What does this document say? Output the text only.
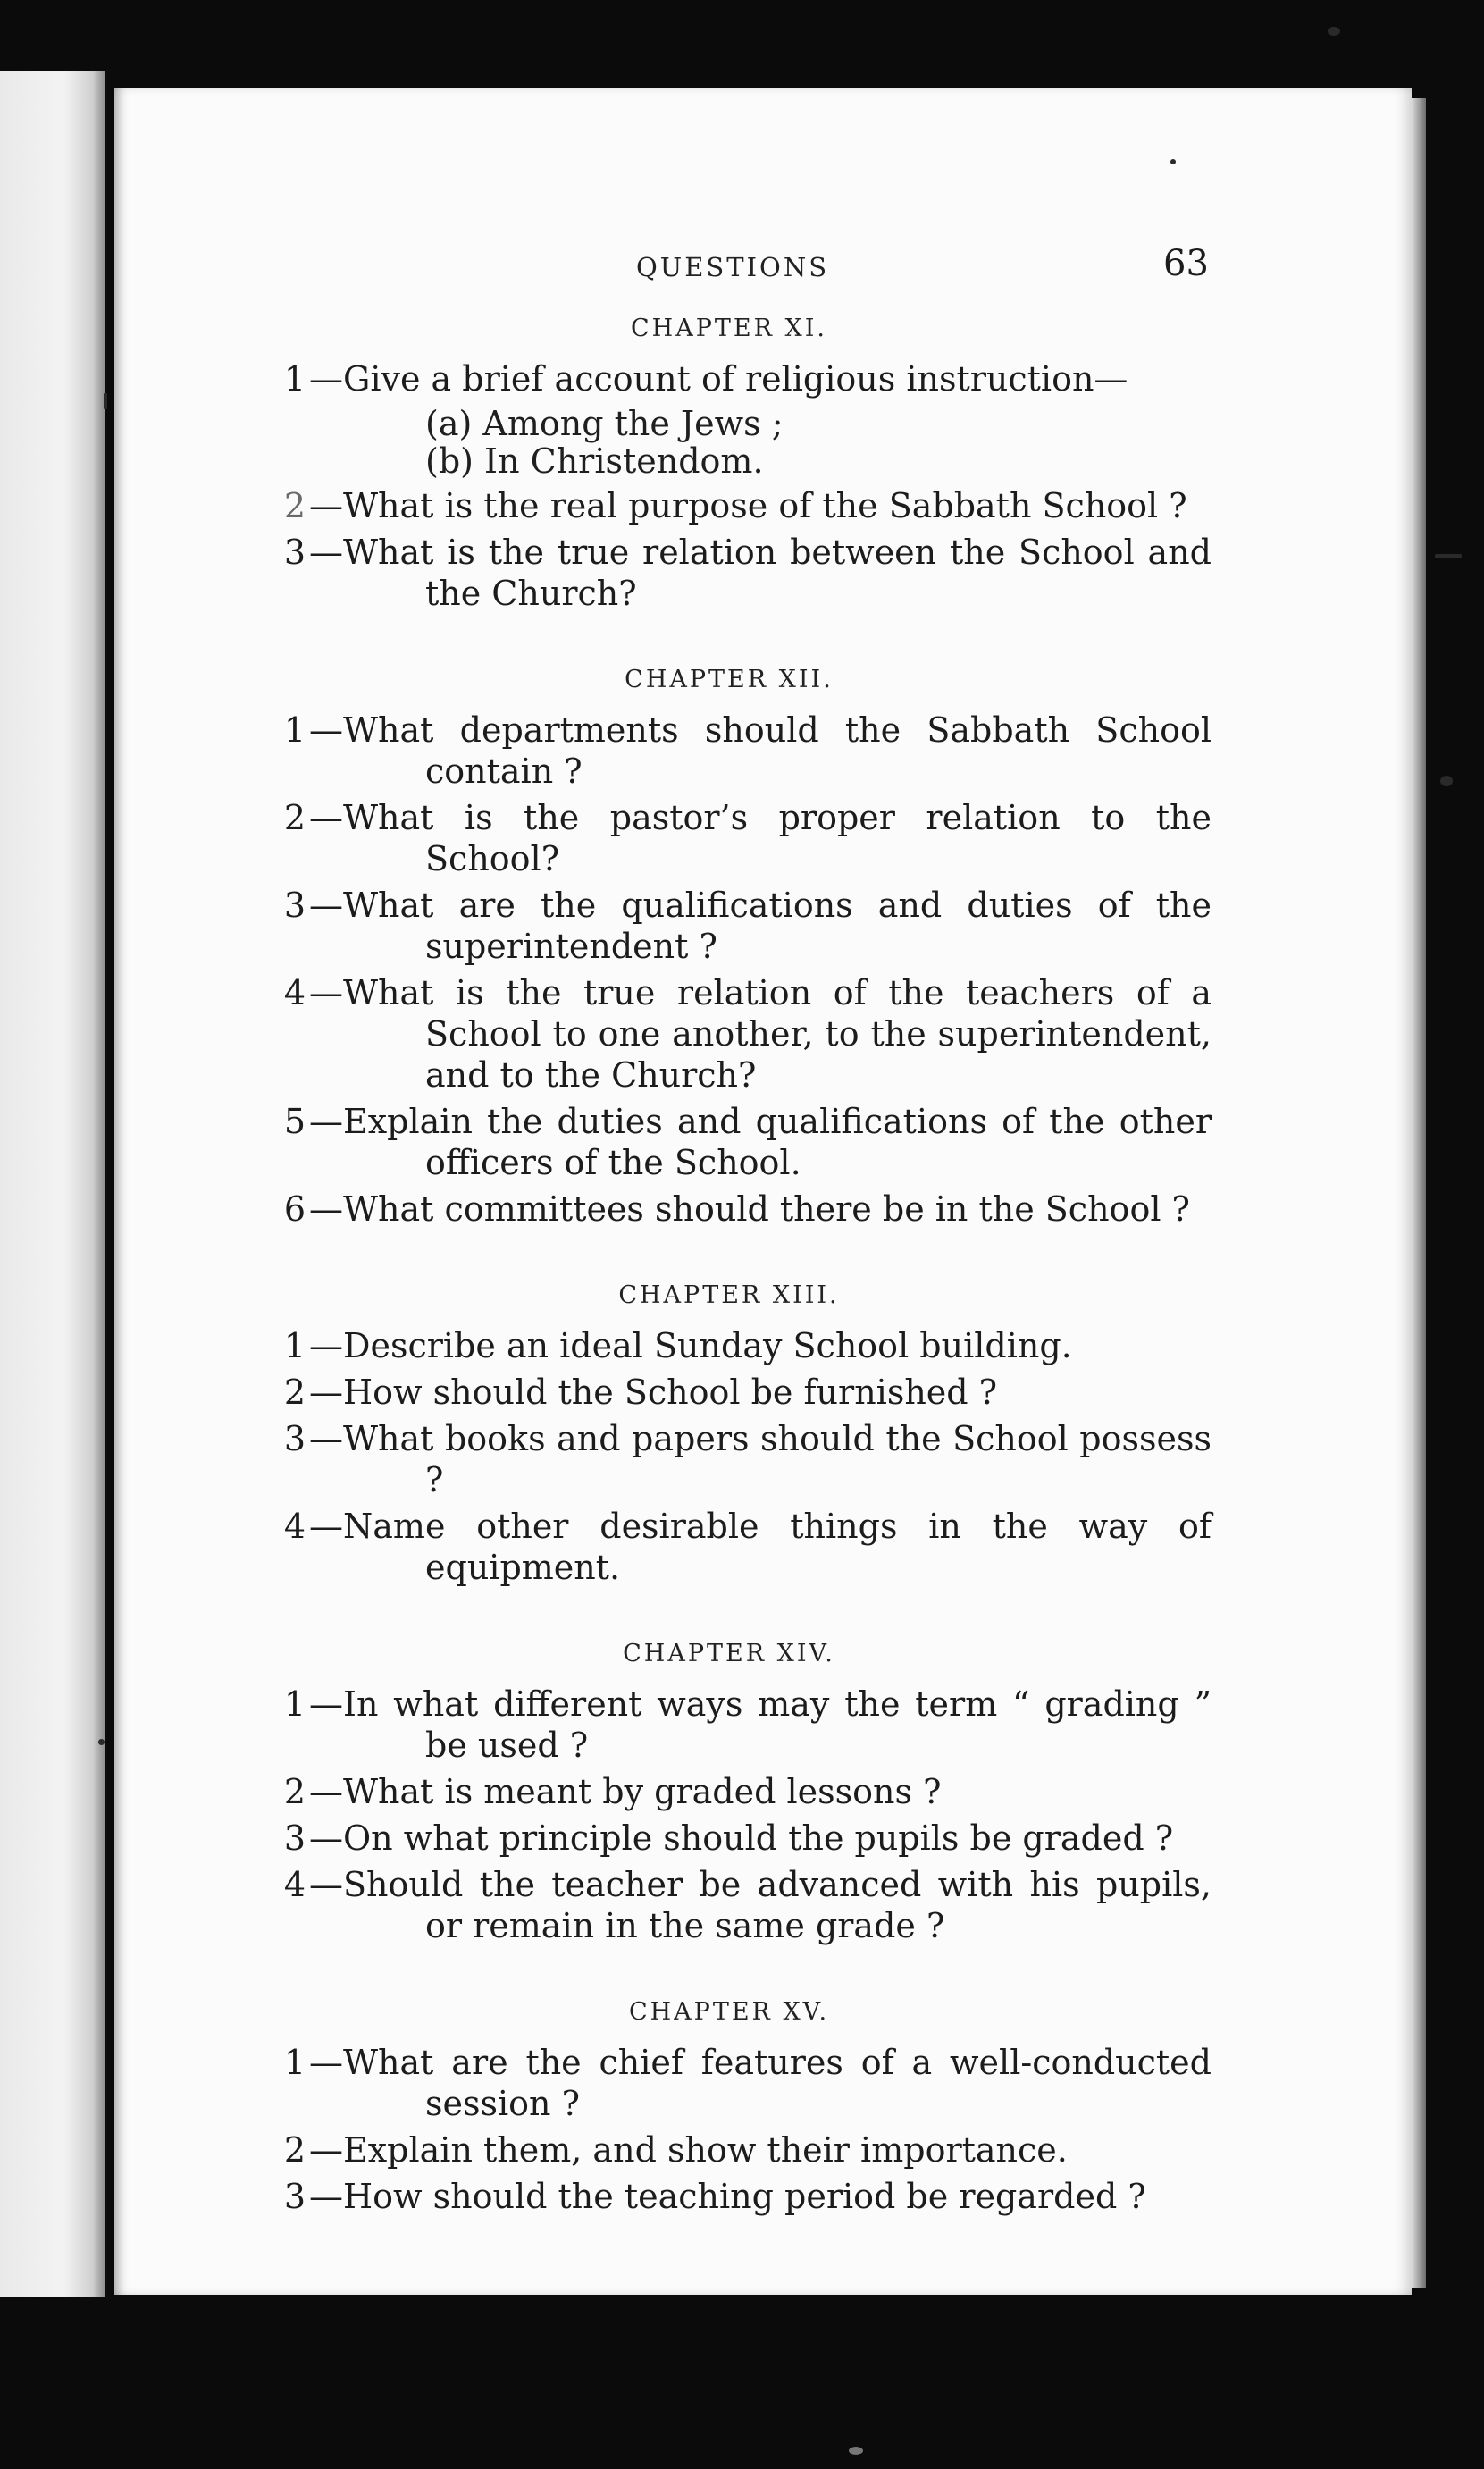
QUESTIONS	63
CHAPTER XI.
1 —Give a brief account of religious instruction—
(a) Among the Jews ;
(b) In Christendom.
2 —What is the real purpose of the Sabbath School ?
3 —What is the true relation between the School and the Church?
CHAPTER XII.
1 —What departments should the Sabbath School contain ?
2 —What is the pastor’s proper relation to the School?
3 —What are the qualifications and duties of the superintendent ?
4 —What is the true relation of the teachers of a School to one another, to the superintendent, and to the Church?
5 —Explain the duties and qualifications of the other officers of the School.
6 —What committees should there be in the School ?
CHAPTER XIII.
1 —Describe an ideal Sunday School building.
2 —How should the School be furnished ?
3 —What books and papers should the School possess ?
4 —Name other desirable things in the way of equipment.
CHAPTER XIV.
1 —In what different ways may the term “ grading ” be used ?
2 —What is meant by graded lessons ?
3 —On what principle should the pupils be graded ?
4 —Should the teacher be advanced with his pupils, or remain in the same grade ?
CHAPTER XV.
1 —What are the chief features of a well-conducted session ?
2 —Explain them, and show their importance.
3 —How should the teaching period be regarded ?
